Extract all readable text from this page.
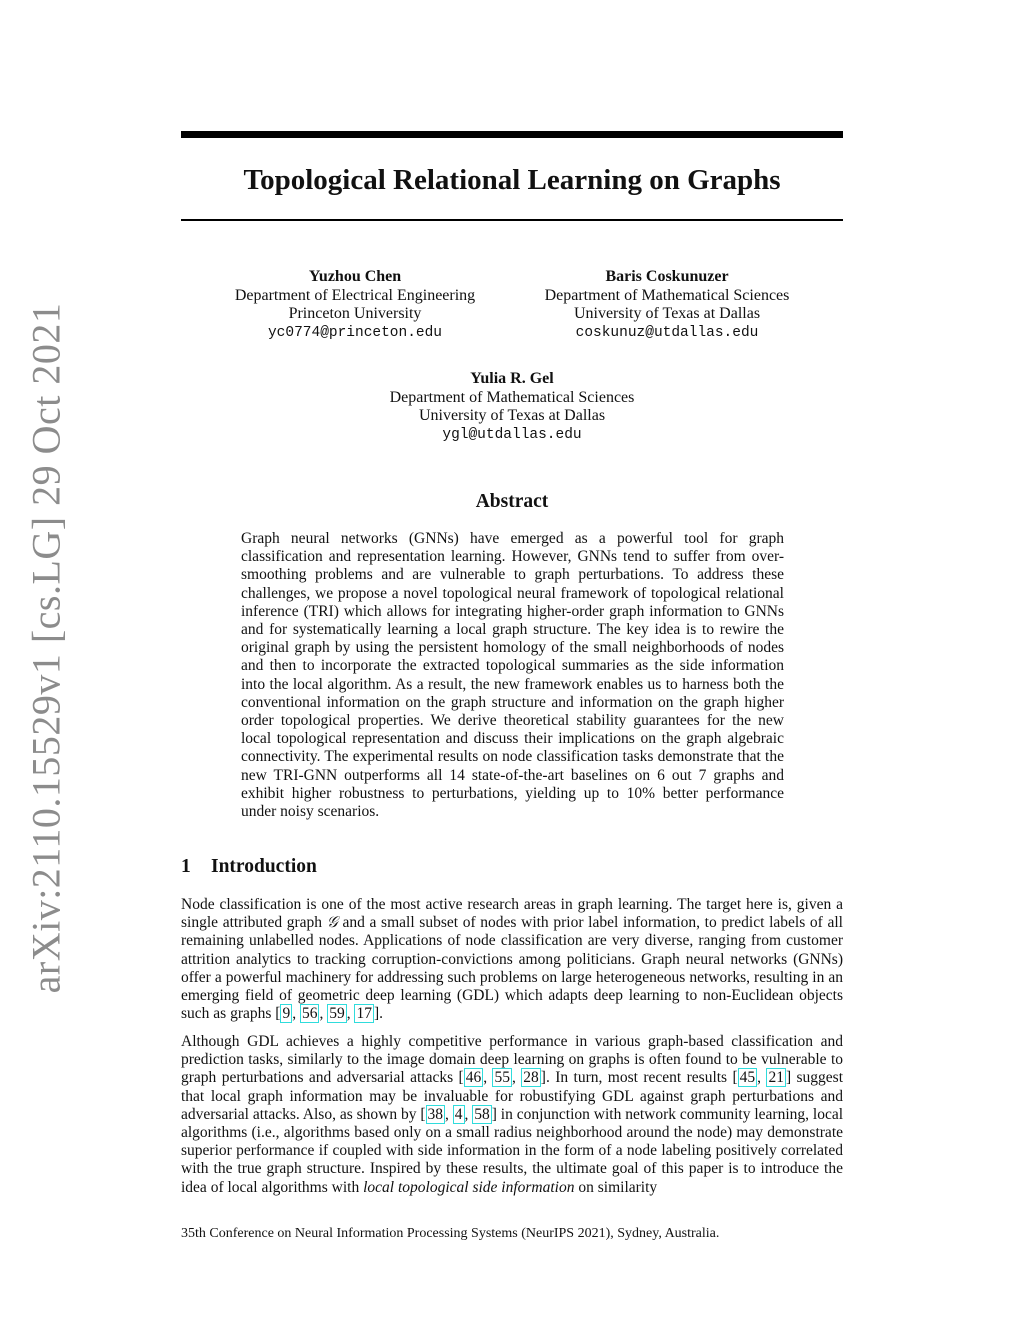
arXiv:2110.15529v1 [cs.LG] 29 Oct 2021
Topological Relational Learning on Graphs
Yuzhou Chen
Department of Electrical Engineering
Princeton University
yc0774@princeton.edu
Baris Coskunuzer
Department of Mathematical Sciences
University of Texas at Dallas
coskunuz@utdallas.edu
Yulia R. Gel
Department of Mathematical Sciences
University of Texas at Dallas
ygl@utdallas.edu
Abstract
Graph neural networks (GNNs) have emerged as a powerful tool for graph classification and representation learning. However, GNNs tend to suffer from over-smoothing problems and are vulnerable to graph perturbations. To address these challenges, we propose a novel topological neural framework of topological relational inference (TRI) which allows for integrating higher-order graph information to GNNs and for systematically learning a local graph structure. The key idea is to rewire the original graph by using the persistent homology of the small neighborhoods of nodes and then to incorporate the extracted topological summaries as the side information into the local algorithm. As a result, the new framework enables us to harness both the conventional information on the graph structure and information on the graph higher order topological properties. We derive theoretical stability guarantees for the new local topological representation and discuss their implications on the graph algebraic connectivity. The experimental results on node classification tasks demonstrate that the new TRI-GNN outperforms all 14 state-of-the-art baselines on 6 out 7 graphs and exhibit higher robustness to perturbations, yielding up to 10% better performance under noisy scenarios.
1 Introduction

Node classification is one of the most active research areas in graph learning. The target here is, given a single attributed graph 𝒢 and a small subset of nodes with prior label information, to predict labels of all remaining unlabelled nodes. Applications of node classification are very diverse, ranging from customer attrition analytics to tracking corruption-convictions among politicians. Graph neural networks (GNNs) offer a powerful machinery for addressing such problems on large heterogeneous networks, resulting in an emerging field of geometric deep learning (GDL) which adapts deep learning to non-Euclidean objects such as graphs [ 9 , 56 , 59 , 17 ].

Although GDL achieves a highly competitive performance in various graph-based classification and prediction tasks, similarly to the image domain deep learning on graphs is often found to be vulnerable to graph perturbations and adversarial attacks [ 46 , 55 , 28 ]. In turn, most recent results [ 45 , 21 ] suggest that local graph information may be invaluable for robustifying GDL against graph perturbations and adversarial attacks. Also, as shown by [ 38 , 4 , 58 ] in conjunction with network community learning, local algorithms (i.e., algorithms based only on a small radius neighborhood around the node) may demonstrate superior performance if coupled with side information in the form of a node labeling positively correlated with the true graph structure. Inspired by these results, the ultimate goal of this paper is to introduce the idea of local algorithms with local topological side information on similarity

35th Conference on Neural Information Processing Systems (NeurIPS 2021), Sydney, Australia.
